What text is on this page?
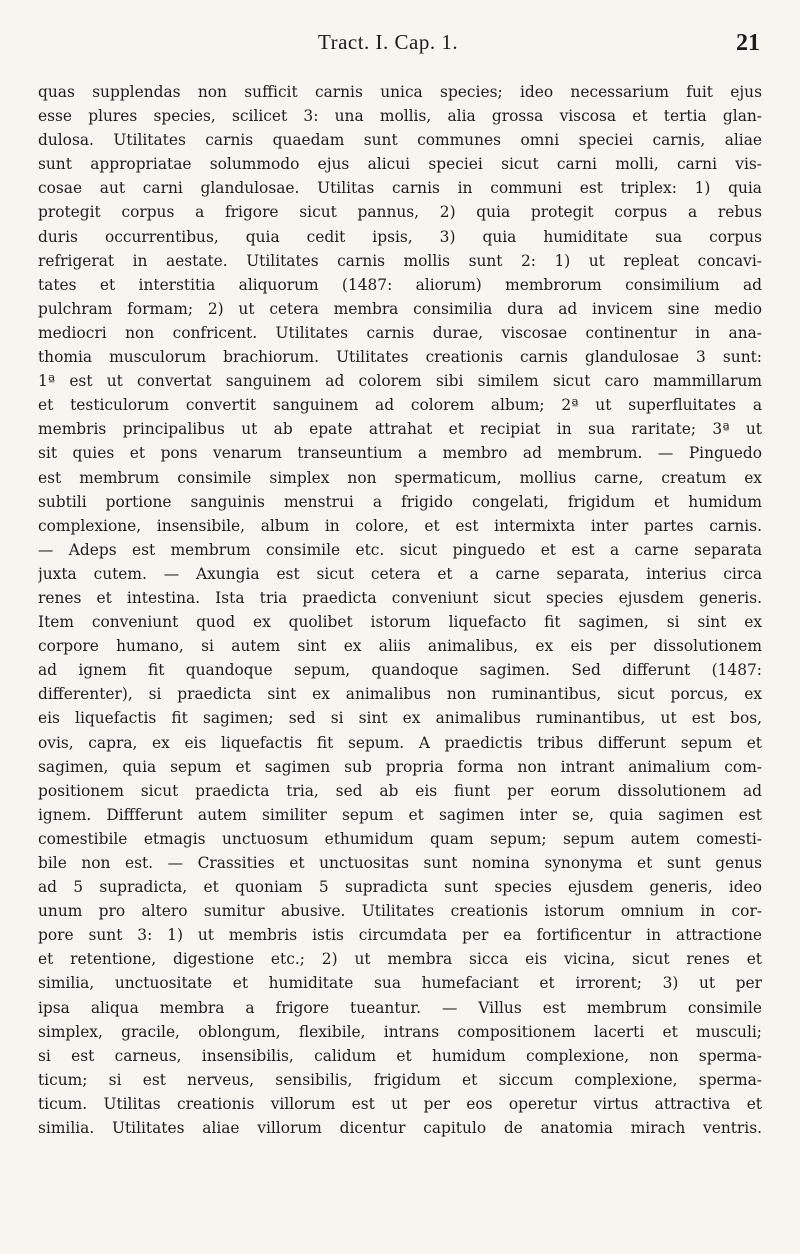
Tract. I. Cap. 1.	21
quas supplendas non sufficit carnis unica species; ideo necessarium fuit ejus
esse plures species, scilicet 3: una mollis, alia grossa viscosa et tertia glan-
dulosa. Utilitates carnis quaedam sunt communes omni speciei carnis, aliae
sunt appropriatae solummodo ejus alicui speciei sicut carni molli, carni vis-
cosae aut carni glandulosae. Utilitas carnis in communi est triplex: 1) quia
protegit corpus a frigore sicut pannus, 2) quia protegit corpus a rebus
duris occurrentibus, quia cedit ipsis, 3) quia humiditate sua corpus
refrigerat in aestate. Utilitates carnis mollis sunt 2: 1) ut repleat concavi-
tates et interstitia aliquorum (1487: aliorum) membrorum consimilium ad
pulchram formam; 2) ut cetera membra consimilia dura ad invicem sine medio
mediocri non confricent. Utilitates carnis durae, viscosae continentur in ana-
thomia musculorum brachiorum. Utilitates creationis carnis glandulosae 3 sunt:
1ª est ut convertat sanguinem ad colorem sibi similem sicut caro mammillarum
et testiculorum convertit sanguinem ad colorem album; 2ª ut superfluitates a
membris principalibus ut ab epate attrahat et recipiat in sua raritate; 3ª ut
sit quies et pons venarum transeuntium a membro ad membrum. — Pinguedo
est membrum consimile simplex non spermaticum, mollius carne, creatum ex
subtili portione sanguinis menstrui a frigido congelati, frigidum et humidum
complexione, insensibile, album in colore, et est intermixta inter partes carnis.
— Adeps est membrum consimile etc. sicut pinguedo et est a carne separata
juxta cutem. — Axungia est sicut cetera et a carne separata, interius circa
renes et intestina. Ista tria praedicta conveniunt sicut species ejusdem generis.
Item conveniunt quod ex quolibet istorum liquefacto fit sagimen, si sint ex
corpore humano, si autem sint ex aliis animalibus, ex eis per dissolutionem
ad ignem fit quandoque sepum, quandoque sagimen. Sed differunt (1487:
differenter), si praedicta sint ex animalibus non ruminantibus, sicut porcus, ex
eis liquefactis fit sagimen; sed si sint ex animalibus ruminantibus, ut est bos,
ovis, capra, ex eis liquefactis fit sepum. A praedictis tribus differunt sepum et
sagimen, quia sepum et sagimen sub propria forma non intrant animalium com-
positionem sicut praedicta tria, sed ab eis fiunt per eorum dissolutionem ad
ignem. Diffferunt autem similiter sepum et sagimen inter se, quia sagimen est
comestibile etmagis unctuosum ethumidum quam sepum; sepum autem comesti-
bile non est. — Crassities et unctuositas sunt nomina synonyma et sunt genus
ad 5 supradicta, et quoniam 5 supradicta sunt species ejusdem generis, ideo
unum pro altero sumitur abusive. Utilitates creationis istorum omnium in cor-
pore sunt 3: 1) ut membris istis circumdata per ea fortificentur in attractione
et retentione, digestione etc.; 2) ut membra sicca eis vicina, sicut renes et
similia, unctuositate et humiditate sua humefaciant et irrorent; 3) ut per
ipsa aliqua membra a frigore tueantur. — Villus est membrum consimile
simplex, gracile, oblongum, flexibile, intrans compositionem lacerti et musculi;
si est carneus, insensibilis, calidum et humidum complexione, non sperma-
ticum; si est nerveus, sensibilis, frigidum et siccum complexione, sperma-
ticum. Utilitas creationis villorum est ut per eos operetur virtus attractiva et
similia. Utilitates aliae villorum dicentur capitulo de anatomia mirach ventris.
